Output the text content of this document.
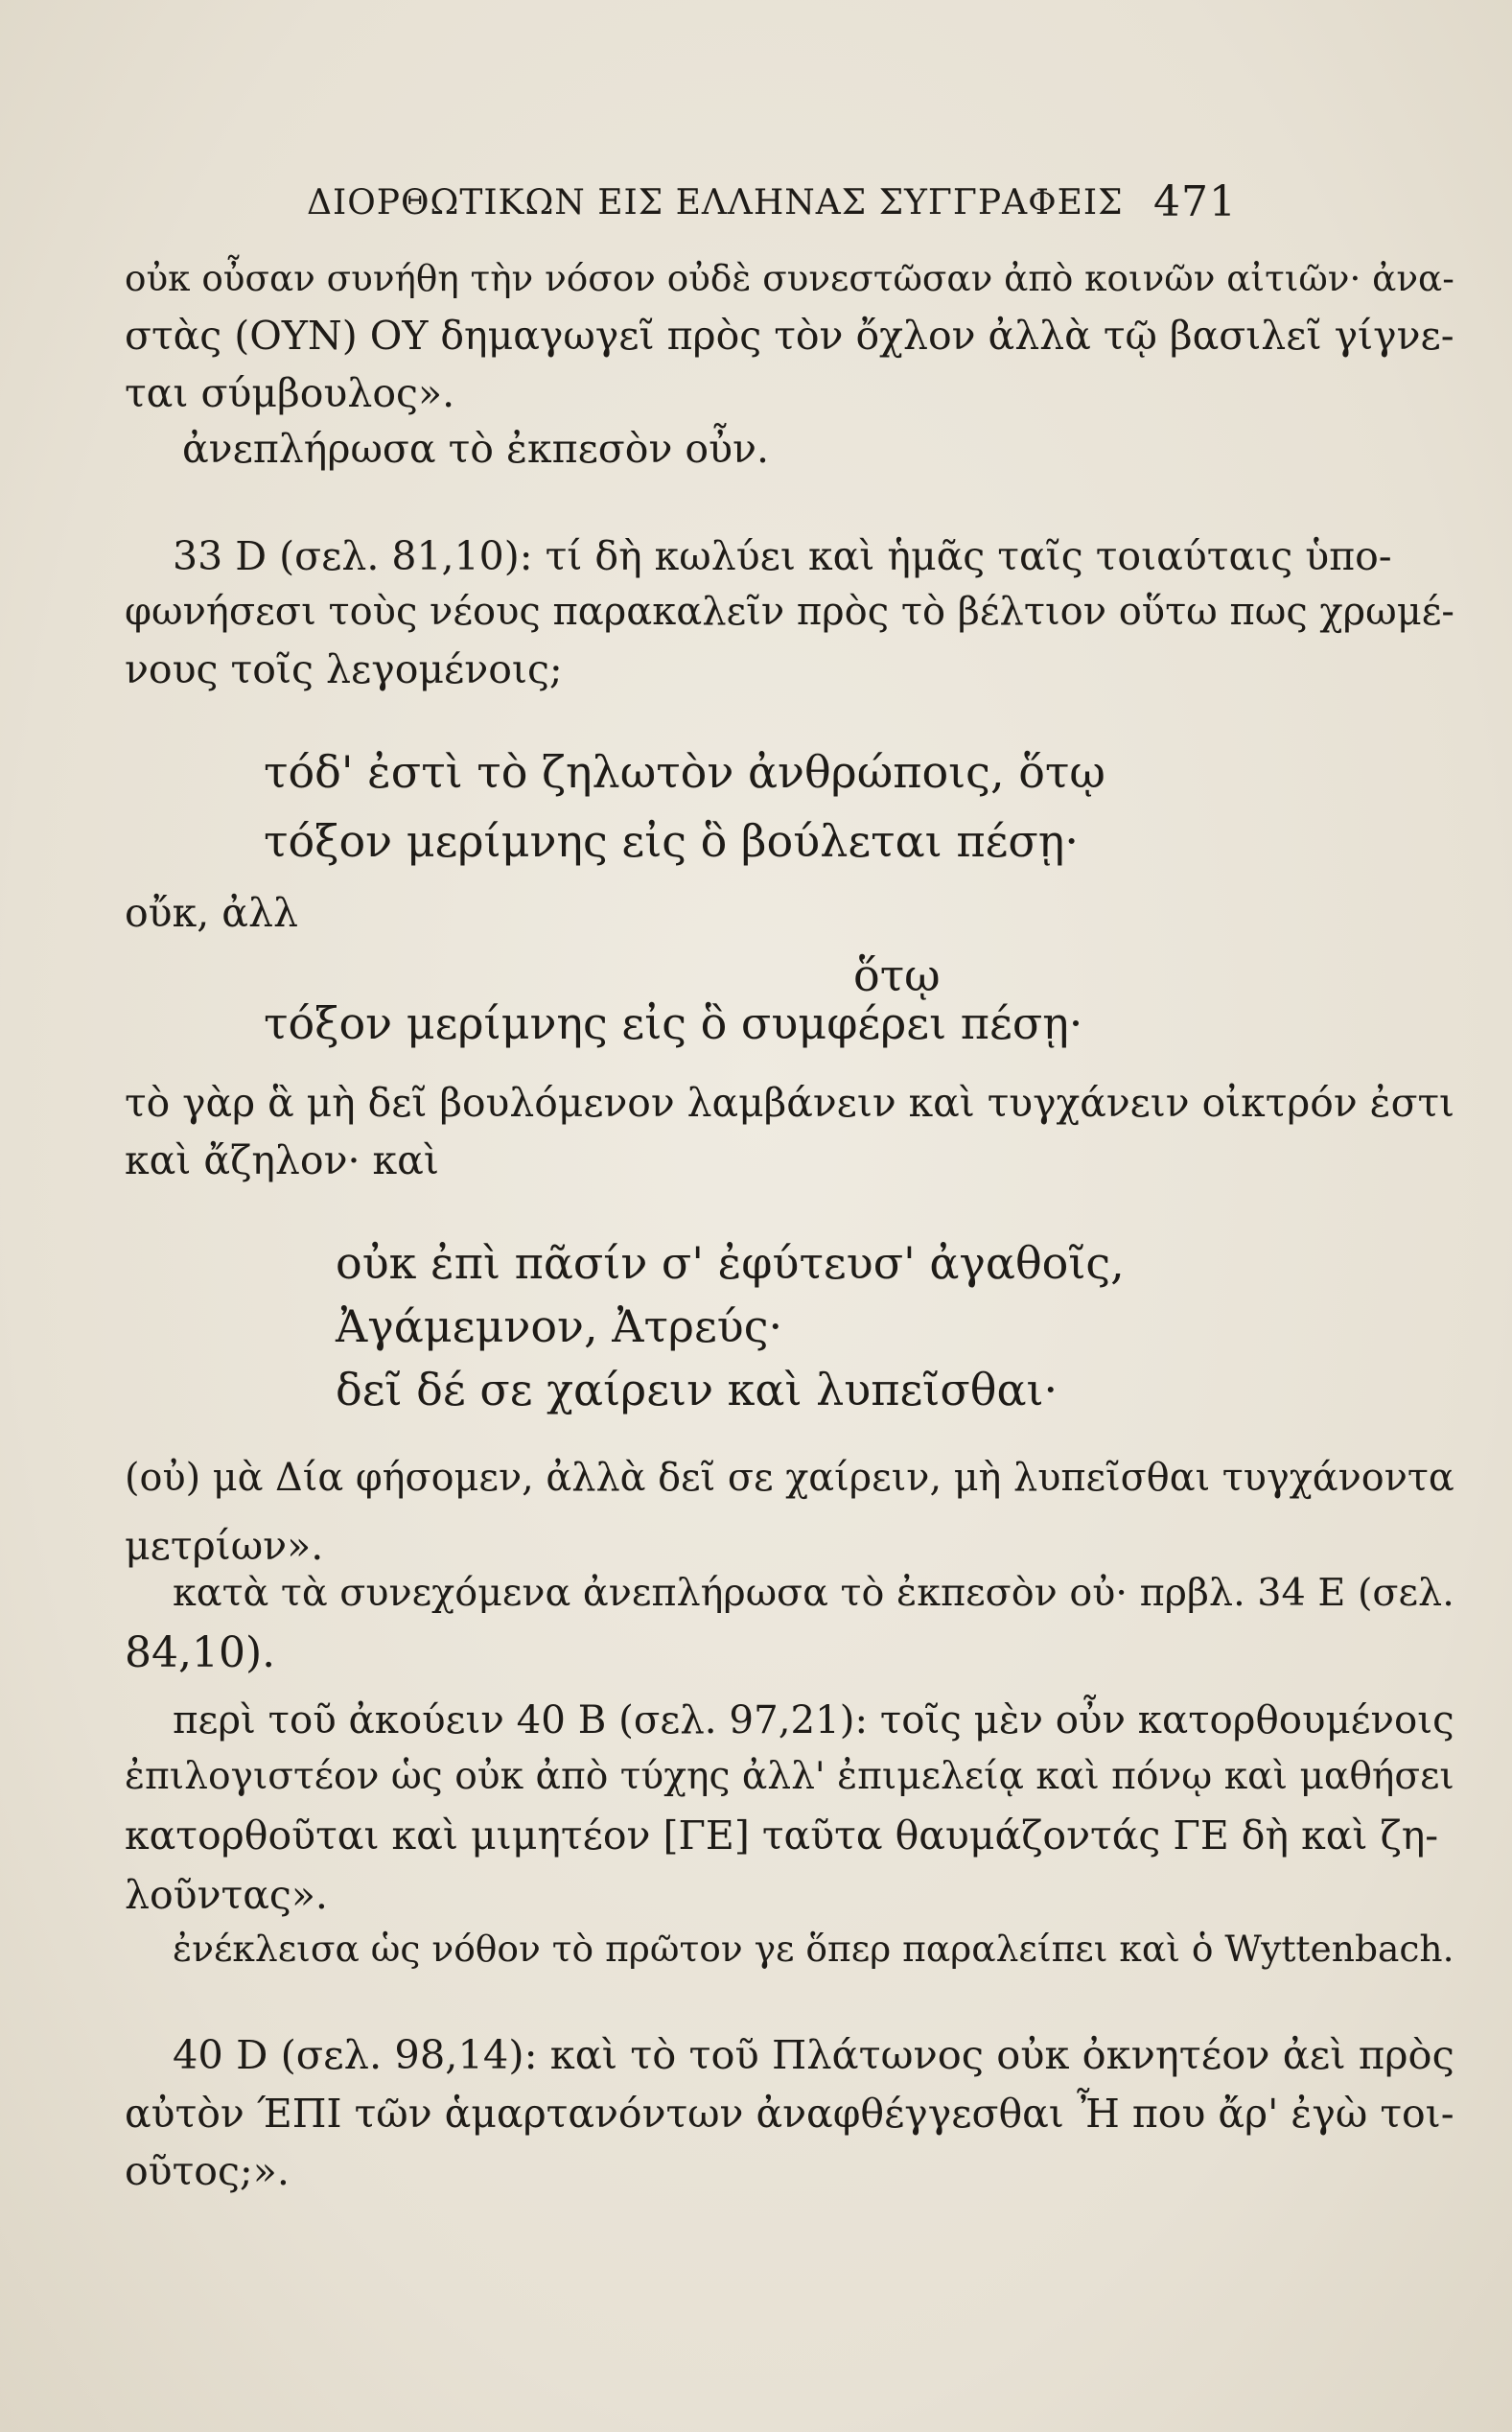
ΔΙΟΡΘΩΤΙΚΩΝ ΕΙΣ ΕΛΛΗΝΑΣ ΣΥΓΓΡΑΦΕΙΣ 471
οὐκ οὖσαν συνήθη τὴν νόσον οὐδὲ συνεστῶσαν ἀπὸ κοινῶν αἰτιῶν· ἀνα-
στὰς (ΟΥΝ) ΟΥ δημαγωγεῖ πρὸς τὸν ὄχλον ἀλλὰ τῷ βασιλεῖ γίγνε-
ται σύμβουλος».
ἀνεπλήρωσα τὸ ἐκπεσὸν οὖν.
33 D (σελ. 81,10): τί δὴ κωλύει καὶ ἡμᾶς ταῖς τοιαύταις ὑπο-
φωνήσεσι τοὺς νέους παρακαλεῖν πρὸς τὸ βέλτιον οὕτω πως χρωμέ-
νους τοῖς λεγομένοις;
τόδ' ἐστὶ τὸ ζηλωτὸν ἀνθρώποις, ὅτῳ
τόξον μερίμνης εἰς ὃ βούλεται πέσῃ·
οὔκ, ἀλλ
ὅτῳ
τόξον μερίμνης εἰς ὃ συμφέρει πέσῃ·
τὸ γὰρ ἃ μὴ δεῖ βουλόμενον λαμβάνειν καὶ τυγχάνειν οἰκτρόν ἐστι
καὶ ἄζηλον· καὶ
οὐκ ἐπὶ πᾶσίν σ' ἐφύτευσ' ἀγαθοῖς,
Ἀγάμεμνον, Ἀτρεύς·
δεῖ δέ σε χαίρειν καὶ λυπεῖσθαι·
(οὐ) μὰ Δία φήσομεν, ἀλλὰ δεῖ σε χαίρειν, μὴ λυπεῖσθαι τυγχάνοντα
μετρίων».
κατὰ τὰ συνεχόμενα ἀνεπλήρωσα τὸ ἐκπεσὸν οὐ· πρβλ. 34 Ε (σελ.
84,10).
περὶ τοῦ ἀκούειν 40 Β (σελ. 97,21): τοῖς μὲν οὖν κατορθουμένοις
ἐπιλογιστέον ὡς οὐκ ἀπὸ τύχης ἀλλ' ἐπιμελείᾳ καὶ πόνῳ καὶ μαθήσει
κατορθοῦται καὶ μιμητέον [ΓΕ] ταῦτα θαυμάζοντάς ΓΕ δὴ καὶ ζη-
λοῦντας».
ἐνέκλεισα ὡς νόθον τὸ πρῶτον γε ὅπερ παραλείπει καὶ ὁ Wyttenbach.
40 D (σελ. 98,14): καὶ τὸ τοῦ Πλάτωνος οὐκ ὀκνητέον ἀεὶ πρὸς
αὐτὸν ΈΠΙ τῶν ἁμαρτανόντων ἀναφθέγγεσθαι Ἦ που ἄρ' ἐγὼ τοι-
οῦτος;».
